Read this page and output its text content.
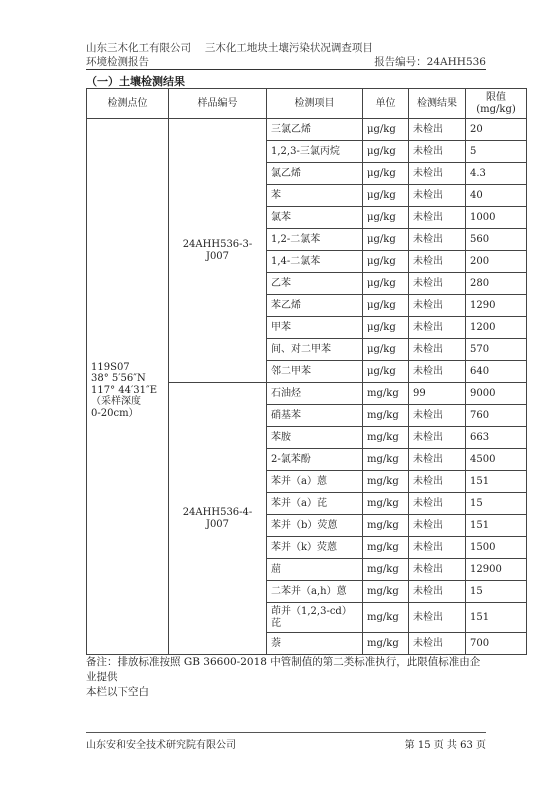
山东三木化工有限公司　 三木化工地块土壤污染状况调查项目
环境检测报告	报告编号：24AHH536
（一）土壤检测结果
检测点位	样品编号	检测项目	单位	检测结果	限值
(mg/kg)
119S07
38° 5′56″N
117° 44′31″E
（采样深度
0-20cm）	24AHH536-3-J007	三氯乙烯	μg/kg	未检出	20
		1,2,3-三氯丙烷	μg/kg	未检出	5
		氯乙烯	μg/kg	未检出	4.3
		苯	μg/kg	未检出	40
		氯苯	μg/kg	未检出	1000
		1,2-二氯苯	μg/kg	未检出	560
		1,4-二氯苯	μg/kg	未检出	200
		乙苯	μg/kg	未检出	280
		苯乙烯	μg/kg	未检出	1290
		甲苯	μg/kg	未检出	1200
		间、对二甲苯	μg/kg	未检出	570
		邻二甲苯	μg/kg	未检出	640
	24AHH536-4-J007	石油烃	mg/kg	99	9000
		硝基苯	mg/kg	未检出	760
		苯胺	mg/kg	未检出	663
		2-氯苯酚	mg/kg	未检出	4500
		苯并（a）蒽	mg/kg	未检出	151
		苯并（a）芘	mg/kg	未检出	15
		苯并（b）荧蒽	mg/kg	未检出	151
		苯并（k）荧蒽	mg/kg	未检出	1500
		䓛	mg/kg	未检出	12900
		二苯并（a,h）蒽	mg/kg	未检出	15
		茚并（1,2,3-cd）芘	mg/kg	未检出	151
		萘	mg/kg	未检出	700
备注：排放标准按照 GB 36600-2018 中管制值的第二类标准执行，此限值标准由企业提供
本栏以下空白
山东安和安全技术研究院有限公司	第 15 页 共 63 页
